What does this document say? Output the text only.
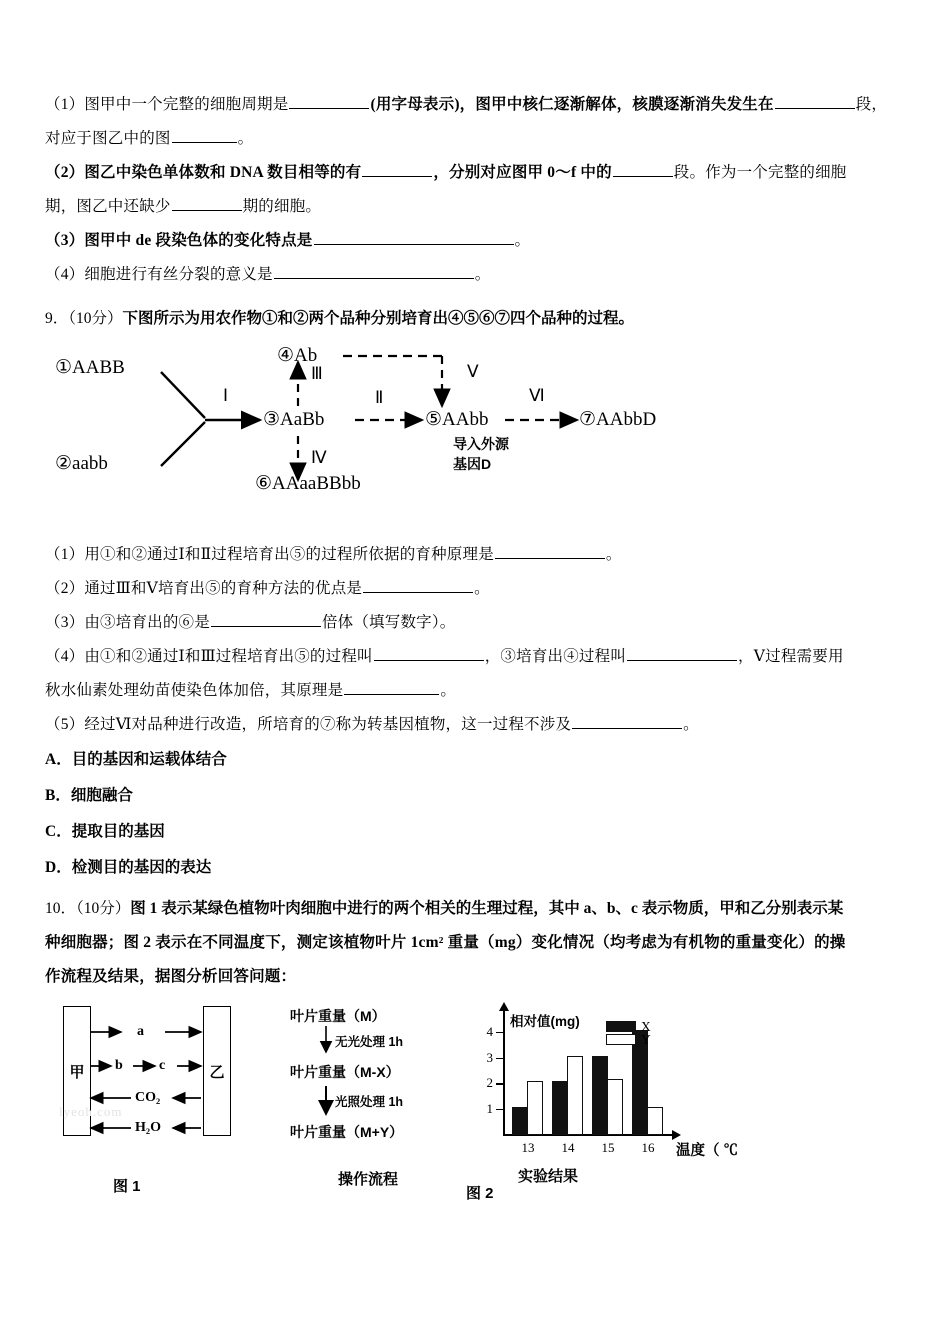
（1）图甲中一个完整的细胞周期是	(用字母表示)，图甲中核仁逐渐解体，核膜逐渐消失发生在	段，
对应于图乙中的图	。
（2）图乙中染色单体数和 DNA 数目相等的有	，分别对应图甲 0～f 中的	段。作为一个完整的细胞
期，图乙中还缺少	期的细胞。
（3）图甲中 de 段染色体的变化特点是	。
（4）细胞进行有丝分裂的意义是	。
9．（10分）下图所示为用农作物①和②两个品种分别培育出④⑤⑥⑦四个品种的过程。
①AABB
②aabb
③AaBb
④Ab
⑤AAbb
⑥AAaaBBbb
⑦AAbbD
Ⅰ	Ⅱ
Ⅲ
Ⅳ
Ⅴ
Ⅵ
导入外源
基因D
（1）用①和②通过Ⅰ和Ⅱ过程培育出⑤的过程所依据的育种原理是	。
（2）通过Ⅲ和Ⅴ培育出⑤的育种方法的优点是	。
（3）由③培育出的⑥是	倍体（填写数字）。
（4）由①和②通过Ⅰ和Ⅲ过程培育出⑤的过程叫	，③培育出④过程叫	，Ⅴ过程需要用
秋水仙素处理幼苗使染色体加倍，其原理是	。
（5）经过Ⅵ对品种进行改造，所培育的⑦称为转基因植物，这一过程不涉及	。
A．目的基因和运载体结合
B．细胞融合
C．提取目的基因
D．检测目的基因的表达
10．（10分）图 1 表示某绿色植物叶肉细胞中进行的两个相关的生理过程，其中 a、b、c 表示物质，甲和乙分别表示某
种细胞器；图 2 表示在不同温度下，测定该植物叶片 1cm² 重量（mg）变化情况（均考虑为有机物的重量变化）的操
作流程及结果，据图分析回答问题：
甲	乙
a
b	c
CO₂
H₂O
lyeoh.com
图 1
叶片重量（M）
叶片重量（M-X）
叶片重量（M+Y）
无光处理 1h
光照处理 1h
操作流程
相对值(mg)
温度（ ℃
1
2
3
4
13	14	15	16
X
Y
实验结果
图 2
